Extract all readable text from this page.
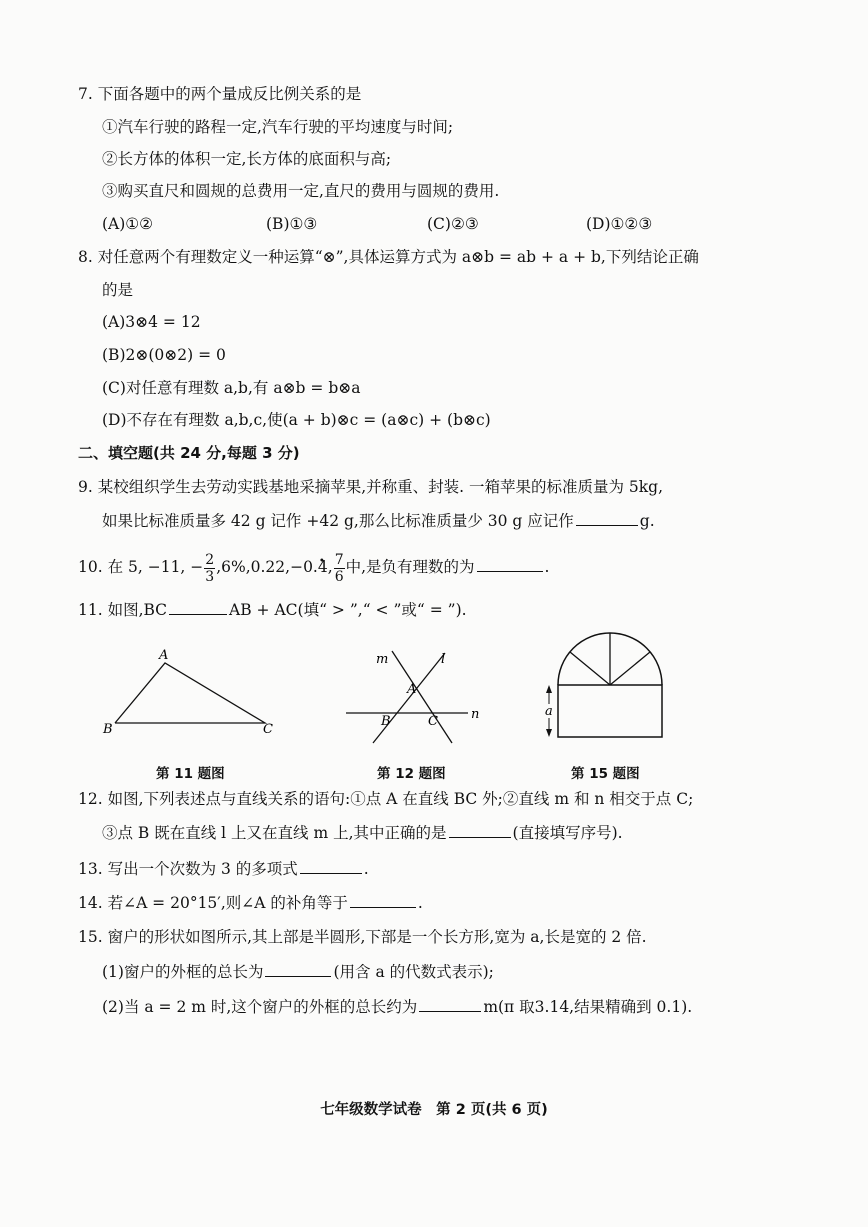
7. 下面各题中的两个量成反比例关系的是
①汽车行驶的路程一定,汽车行驶的平均速度与时间;
②长方体的体积一定,长方体的底面积与高;
③购买直尺和圆规的总费用一定,直尺的费用与圆规的费用.
(A)①②	(B)①③	(C)②③	(D)①②③
8. 对任意两个有理数定义一种运算“⊗”,具体运算方式为 a⊗b = ab + a + b,下列结论正确
的是
(A)3⊗4 = 12
(B)2⊗(0⊗2) = 0
(C)对任意有理数 a,b,有 a⊗b = b⊗a
(D)不存在有理数 a,b,c,使(a + b)⊗c = (a⊗c) + (b⊗c)
二、填空题(共 24 分,每题 3 分)
9. 某校组织学生去劳动实践基地采摘苹果,并称重、封装. 一箱苹果的标准质量为 5kg,
如果比标准质量多 42 g 记作 +42 g,那么比标准质量少 30 g 应记作	g.
10. 在 5, −11, − $\frac{2}{3}$ ,6%,0.22,−0.• 4, $\frac{7}{6}$ 中,是负有理数的为	.
11. 如图,BC	AB + AC(填“ > ”,“ < ”或“ = ”).
A
B	C
第 11 题图
m	l
A
B	C	n
第 12 题图
a
第 15 题图
12. 如图,下列表述点与直线关系的语句:①点 A 在直线 BC 外;②直线 m 和 n 相交于点 C;
③点 B 既在直线 l 上又在直线 m 上,其中正确的是	(直接填写序号).
13. 写出一个次数为 3 的多项式	.
14. 若∠A = 20°15′,则∠A 的补角等于	.
15. 窗户的形状如图所示,其上部是半圆形,下部是一个长方形,宽为 a,长是宽的 2 倍.
(1)窗户的外框的总长为	(用含 a 的代数式表示);
(2)当 a = 2 m 时,这个窗户的外框的总长约为	m(π 取3.14,结果精确到 0.1).
七年级数学试卷　第 2 页(共 6 页)
